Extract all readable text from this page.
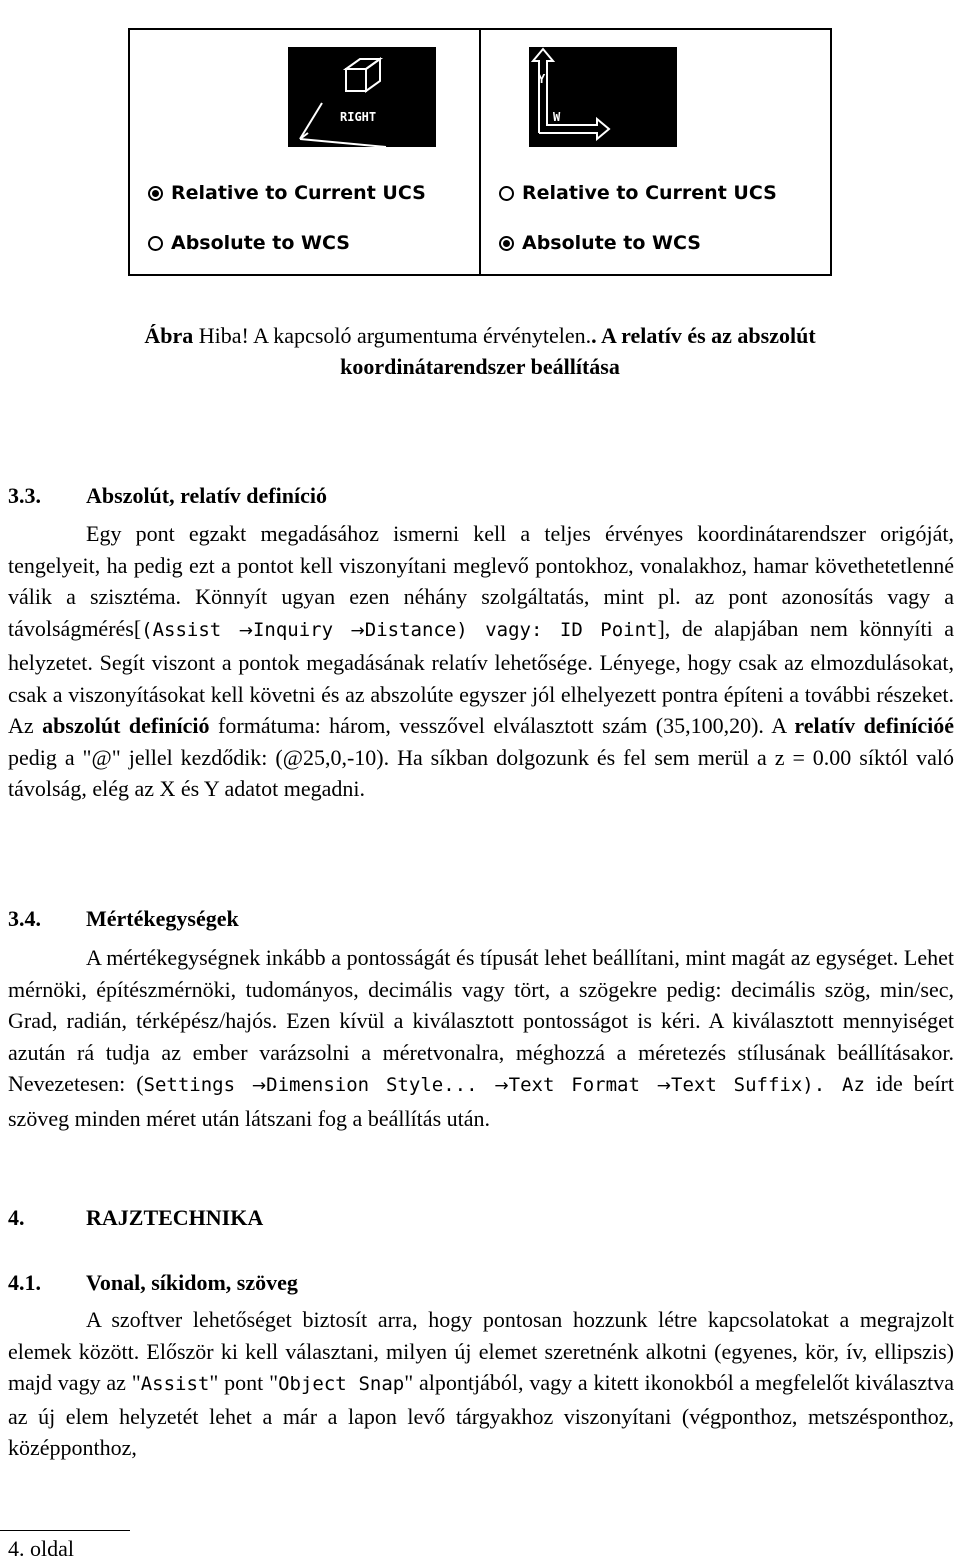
RIGHT
Relative to Current UCS
Absolute to WCS
Y
W
Relative to Current UCS
Absolute to WCS
Ábra Hiba! A kapcsoló argumentuma érvénytelen.. A relatív és az abszolút
koordinátarendszer beállítása
3.3. Abszolút, relatív definíció
Egy pont egzakt megadásához ismerni kell a teljes érvényes koordinátarendszer origóját, tengelyeit, ha pedig ezt a pontot kell viszonyítani meglevő pontokhoz, vonalakhoz, hamar követhetetlenné válik a szisztéma. Könnyít ugyan ezen néhány szolgáltatás, mint pl. az pont azonosítás vagy a távolságmérés[(Assist →Inquiry →Distance) vagy: ID Point], de alapjában nem könnyíti a helyzetet. Segít viszont a pontok megadásának relatív lehetősége. Lényege, hogy csak az elmozdulásokat, csak a viszonyításokat kell követni és az abszolúte egyszer jól elhelyezett pontra építeni a további részeket. Az abszolút definíció formátuma: három, vesszővel elválasztott szám (35,100,20). A relatív definícióé pedig a "@" jellel kezdődik: (@25,0,-10). Ha síkban dolgozunk és fel sem merül a z = 0.00 síktól való távolság, elég az X és Y adatot megadni.
3.4. Mértékegységek
A mértékegységnek inkább a pontosságát és típusát lehet beállítani, mint magát az egységet. Lehet mérnöki, építészmérnöki, tudományos, decimális vagy tört, a szögekre pedig: decimális szög, min/sec, Grad, radián, térképész/hajós. Ezen kívül a kiválasztott pontosságot is kéri. A kiválasztott mennyiséget azután rá tudja az ember varázsolni a méretvonalra, méghozzá a méretezés stílusának beállításakor. Nevezetesen: (Settings →Dimension Style... →Text Format →Text Suffix). Az ide beírt szöveg minden méret után látszani fog a beállítás után.
4.	RAJZTECHNIKA
4.1. Vonal, síkidom, szöveg
A szoftver lehetőséget biztosít arra, hogy pontosan hozzunk létre kapcsolatokat a megrajzolt elemek között. Először ki kell választani, milyen új elemet szeretnénk alkotni (egyenes, kör, ív, ellipszis) majd vagy az "Assist" pont "Object Snap" alpontjából, vagy a kitett ikonokból a megfelelőt kiválasztva az új elem helyzetét lehet a már a lapon levő tárgyakhoz viszonyítani (végponthoz, metszésponthoz, középponthoz,
4. oldal
